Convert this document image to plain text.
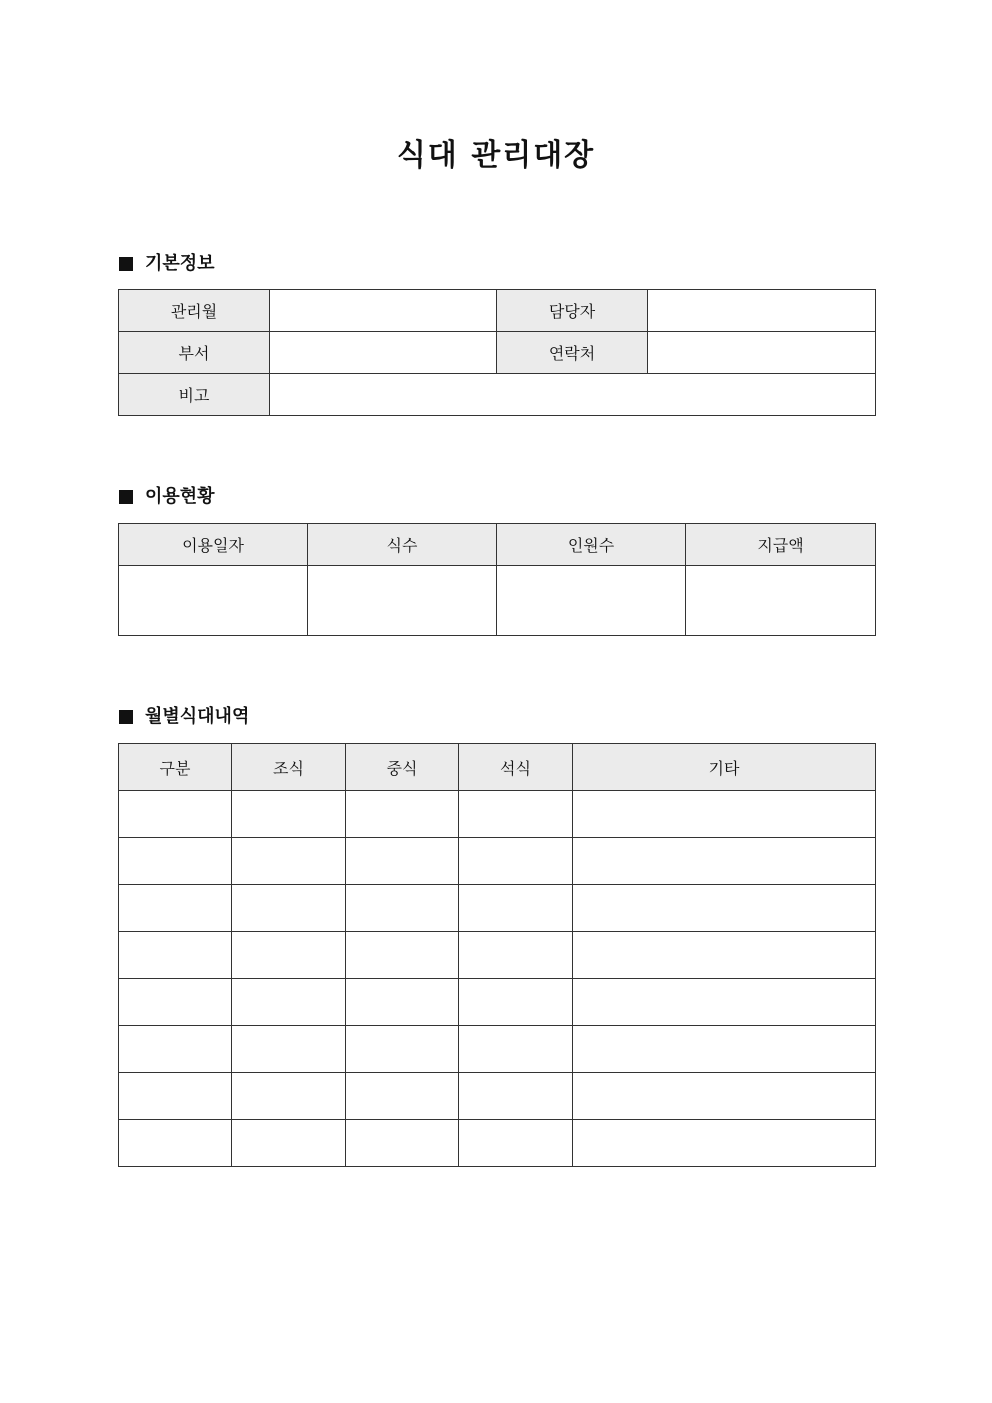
식대 관리대장
기본정보
관리월		담당자	
부서		연락처	
비고			
이용현황
이용일자	식수	인원수	지급액

월별식대내역
구분	조식	중식	석식	기타
